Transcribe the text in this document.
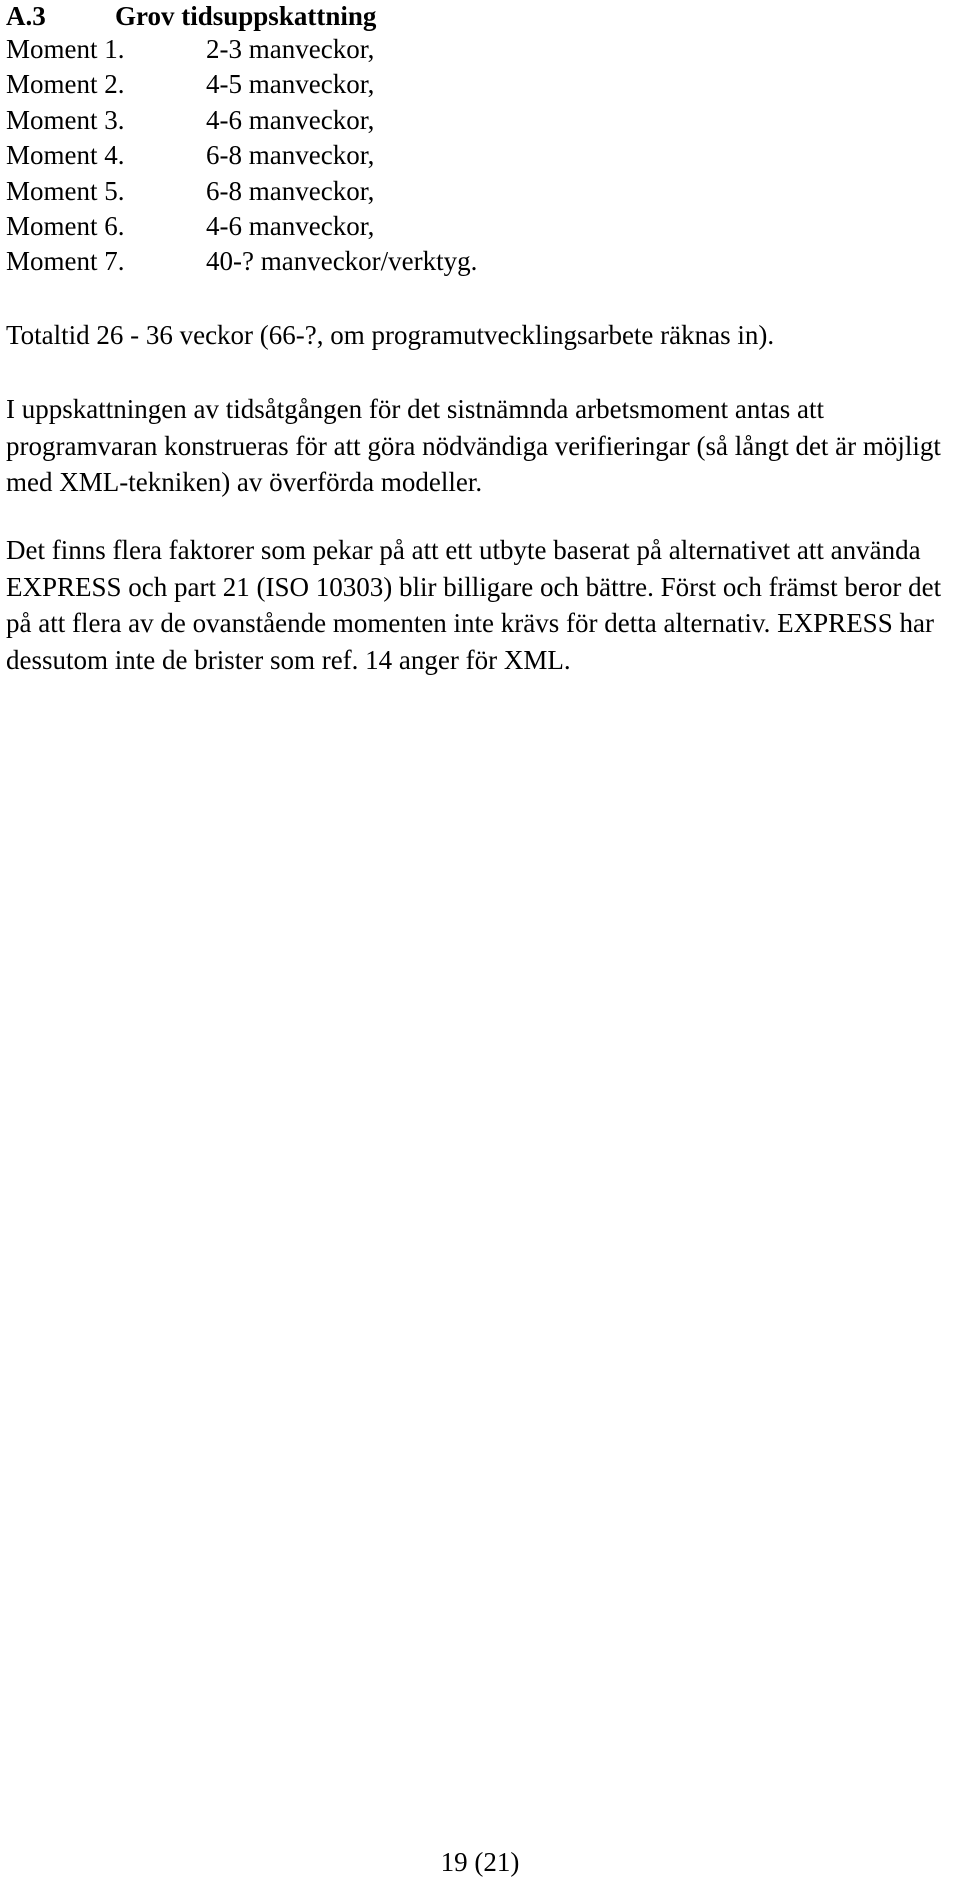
A.3	Grov tidsuppskattning
Moment 1.	2-3 manveckor,
Moment 2.	4-5 manveckor,
Moment 3.	4-6 manveckor,
Moment 4.	6-8 manveckor,
Moment 5.	6-8 manveckor,
Moment 6.	4-6 manveckor,
Moment 7.	40-? manveckor/verktyg.

Totaltid 26 - 36 veckor (66-?, om programutvecklingsarbete räknas in).

I uppskattningen av tidsåtgången för det sistnämnda arbetsmoment antas att programvaran konstrueras för att göra nödvändiga verifieringar (så långt det är möjligt med XML-tekniken) av överförda modeller.

Det finns flera faktorer som pekar på att ett utbyte baserat på alternativet att använda EXPRESS och part 21 (ISO 10303) blir billigare och bättre. Först och främst beror det på att flera av de ovanstående momenten inte krävs för detta alternativ. EXPRESS har dessutom inte de brister som ref. 14 anger för XML.

19 (21)
